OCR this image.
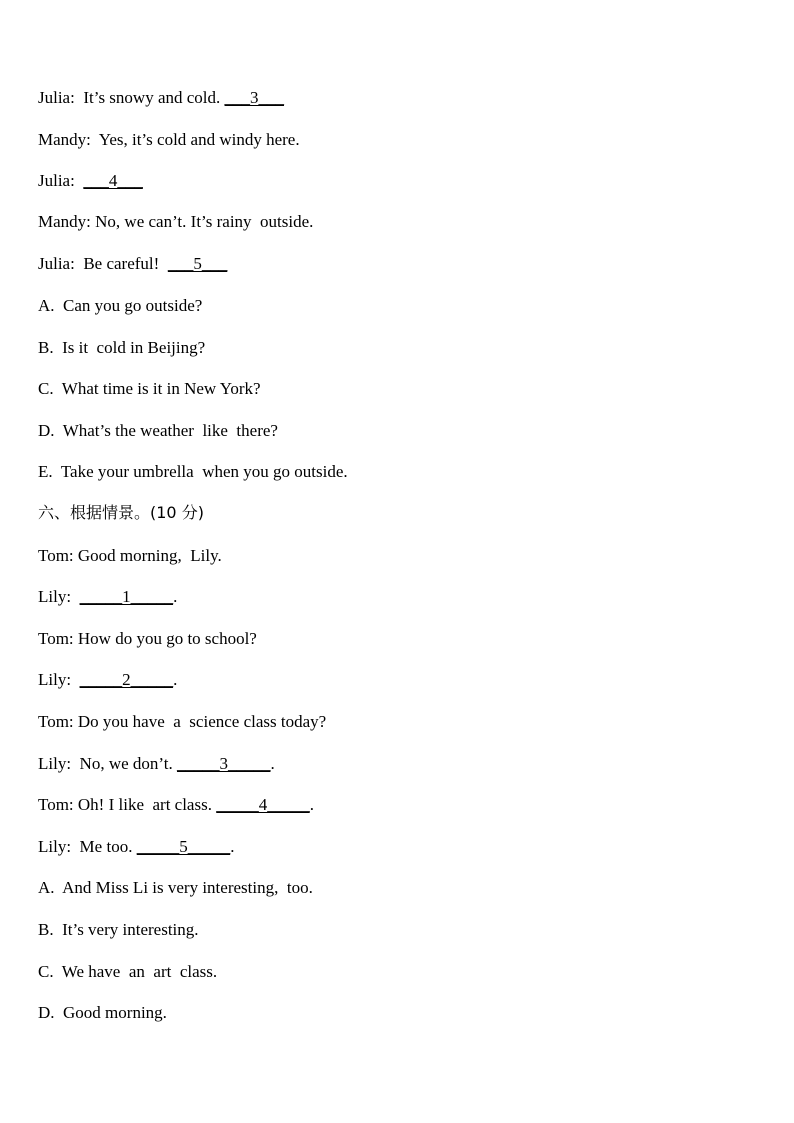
Julia:  It’s snowy and cold. ___3___
Mandy:  Yes, it’s cold and windy here.
Julia:  ___4___
Mandy: No, we can’t. It’s rainy  outside.
Julia:  Be careful!  ___5___
A.  Can you go outside?
B.  Is it  cold in Beijing?
C.  What time is it in New York?
D.  What’s the weather  like  there?
E.  Take your umbrella  when you go outside.
六、根据情景。(10 分)
Tom: Good morning,  Lily.
Lily:  _____1_____.
Tom: How do you go to school?
Lily:  _____2_____.
Tom: Do you have  a  science class today?
Lily:  No, we don’t. _____3_____.
Tom: Oh! I like  art class. _____4_____.
Lily:  Me too. _____5_____.
A.  And Miss Li is very interesting,  too.
B.  It’s very interesting.
C.  We have  an  art  class.
D.  Good morning.
